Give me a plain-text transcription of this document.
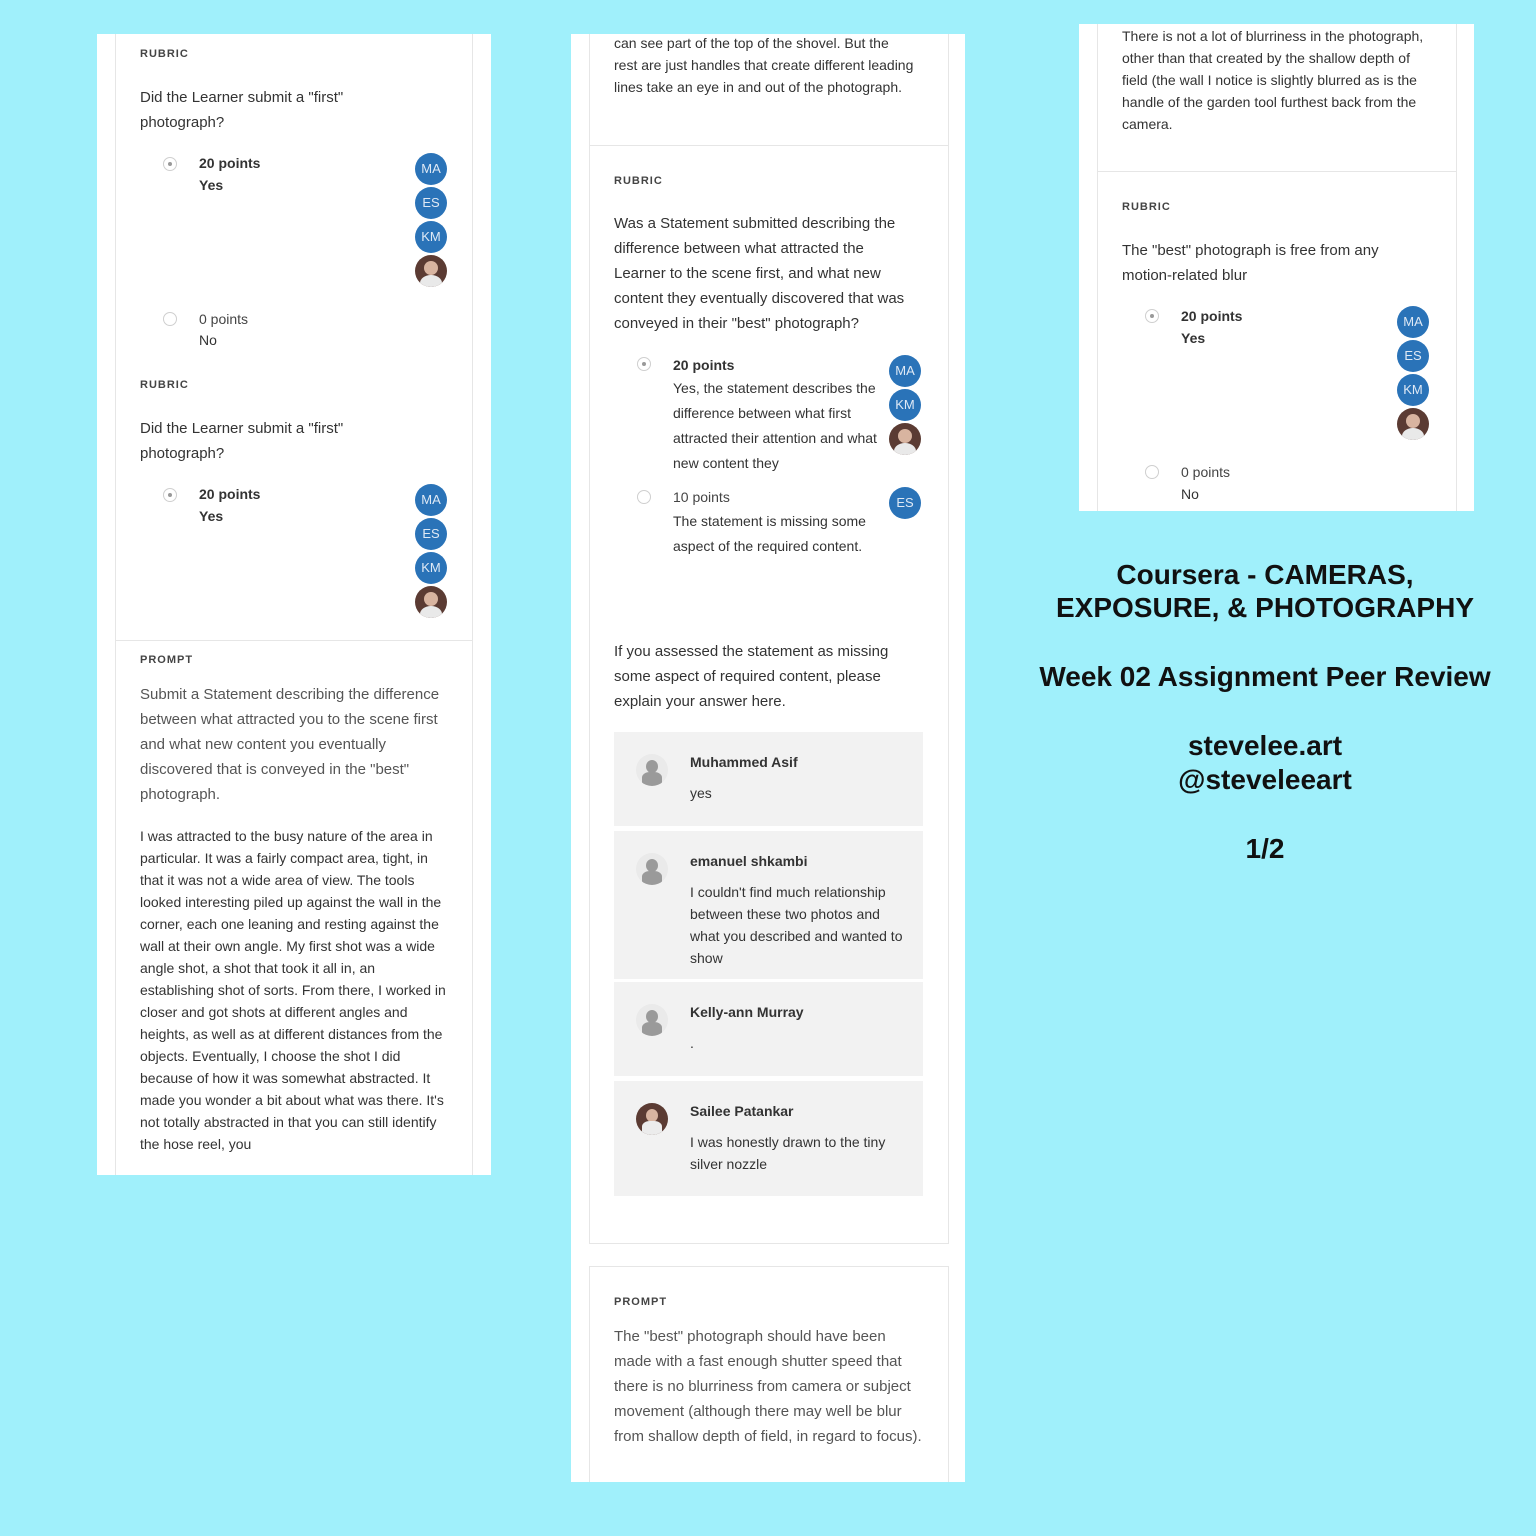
RUBRIC

Did the Learner submit a "first" photograph?

20 points
Yes
MA
ES
KM
0 points
No
RUBRIC

Did the Learner submit a "first" photograph?

20 points
Yes
MA
ES
KM
PROMPT

Submit a Statement describing the difference between what attracted you to the scene first and what new content you eventually discovered that is conveyed in the "best" photograph.

I was attracted to the busy nature of the area in particular. It was a fairly compact area, tight, in that it was not a wide area of view. The tools looked interesting piled up against the wall in the corner, each one leaning and resting against the wall at their own angle. My first shot was a wide angle shot, a shot that took it all in, an establishing shot of sorts. From there, I worked in closer and got shots at different angles and heights, as well as at different distances from the objects. Eventually, I choose the shot I did because of how it was somewhat abstracted. It made you wonder a bit about what was there. It's not totally abstracted in that you can still identify the hose reel, you

can see part of the top of the shovel. But the rest are just handles that create different leading lines take an eye in and out of the photograph.

RUBRIC

Was a Statement submitted describing the difference between what attracted the Learner to the scene first, and what new content they eventually discovered that was conveyed in their "best" photograph?

20 points
Yes, the statement describes the difference between what first attracted their attention and what new content they
MA
KM
10 points
The statement is missing some aspect of the required content.
ES

If you assessed the statement as missing some aspect of required content, please explain your answer here.

Muhammed Asif
yes
emanuel shkambi
I couldn't find much relationship between these two photos and what you described and wanted to show
Kelly-ann Murray
.
Sailee Patankar
I was honestly drawn to the tiny silver nozzle
PROMPT

The "best" photograph should have been made with a fast enough shutter speed that there is no blurriness from camera or subject movement (although there may well be blur from shallow depth of field, in regard to focus).

There is not a lot of blurriness in the photograph, other than that created by the shallow depth of field (the wall I notice is slightly blurred as is the handle of the garden tool furthest back from the camera.

RUBRIC

The "best" photograph is free from any motion-related blur

20 points
Yes
MA
ES
KM
0 points
No
Coursera - CAMERAS,
EXPOSURE, & PHOTOGRAPHY
Week 02 Assignment Peer Review
stevelee.art
@steveleeart
1/2
